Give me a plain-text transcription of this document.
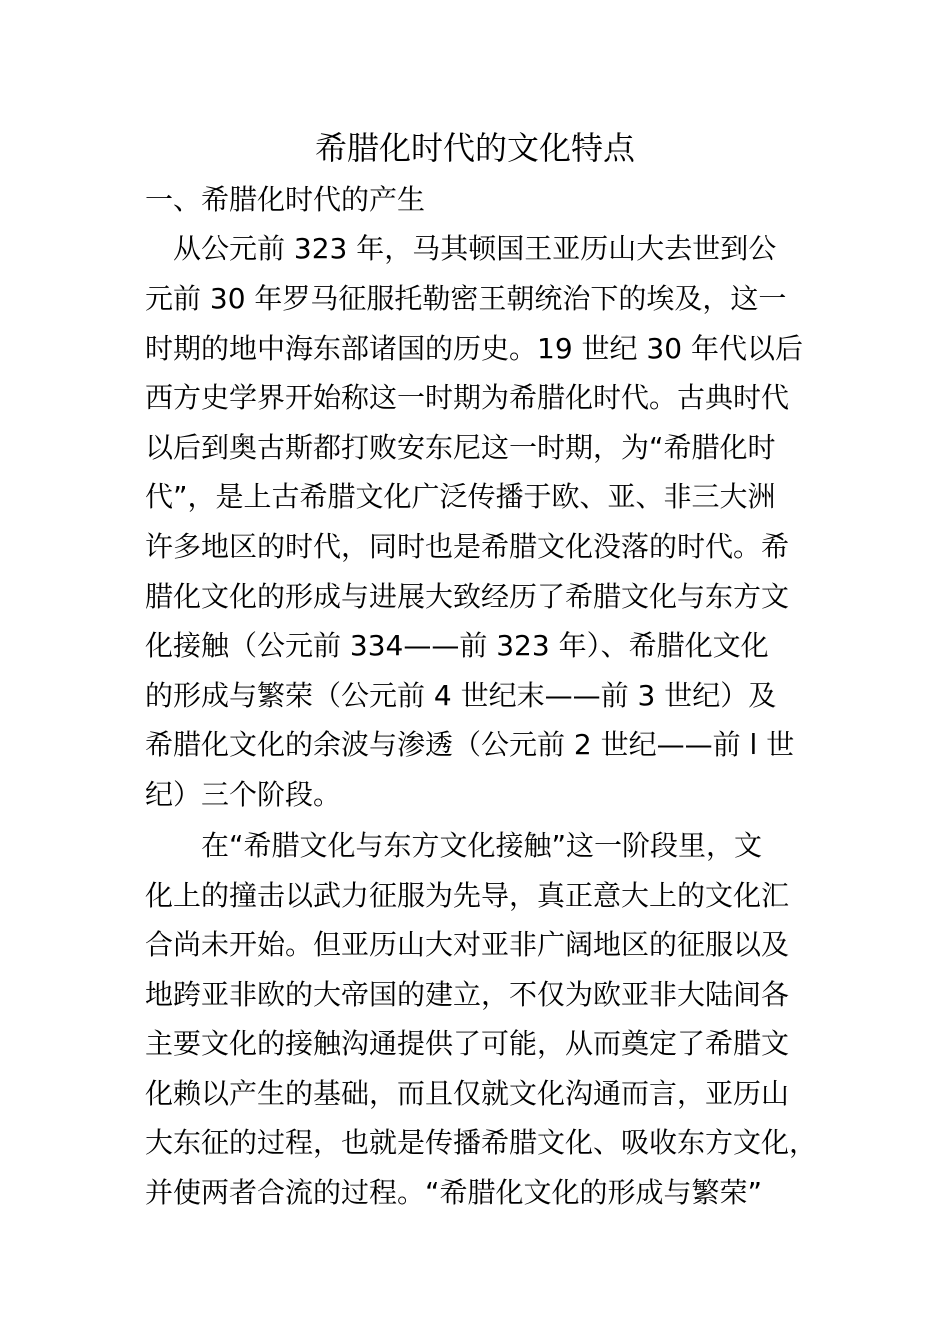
希腊化时代的文化特点
一、希腊化时代的产生
　从公元前 323 年，马其顿国王亚历山大去世到公
元前 30 年罗马征服托勒密王朝统治下的埃及，这一
时期的地中海东部诸国的历史。19 世纪 30 年代以后
西方史学界开始称这一时期为希腊化时代。古典时代
以后到奥古斯都打败安东尼这一时期，为“希腊化时
代”，是上古希腊文化广泛传播于欧、亚、非三大洲
许多地区的时代，同时也是希腊文化没落的时代。希
腊化文化的形成与进展大致经历了希腊文化与东方文
化接触（公元前 334——前 323 年）、希腊化文化
的形成与繁荣（公元前 4 世纪末——前 3 世纪）及
希腊化文化的余波与渗透（公元前 2 世纪——前 l 世
纪）三个阶段。
　　在“希腊文化与东方文化接触”这一阶段里，文
化上的撞击以武力征服为先导，真正意大上的文化汇
合尚未开始。但亚历山大对亚非广阔地区的征服以及
地跨亚非欧的大帝国的建立，不仅为欧亚非大陆间各
主要文化的接触沟通提供了可能，从而奠定了希腊文
化赖以产生的基础，而且仅就文化沟通而言，亚历山
大东征的过程，也就是传播希腊文化、吸收东方文化，
并使两者合流的过程。“希腊化文化的形成与繁荣”
